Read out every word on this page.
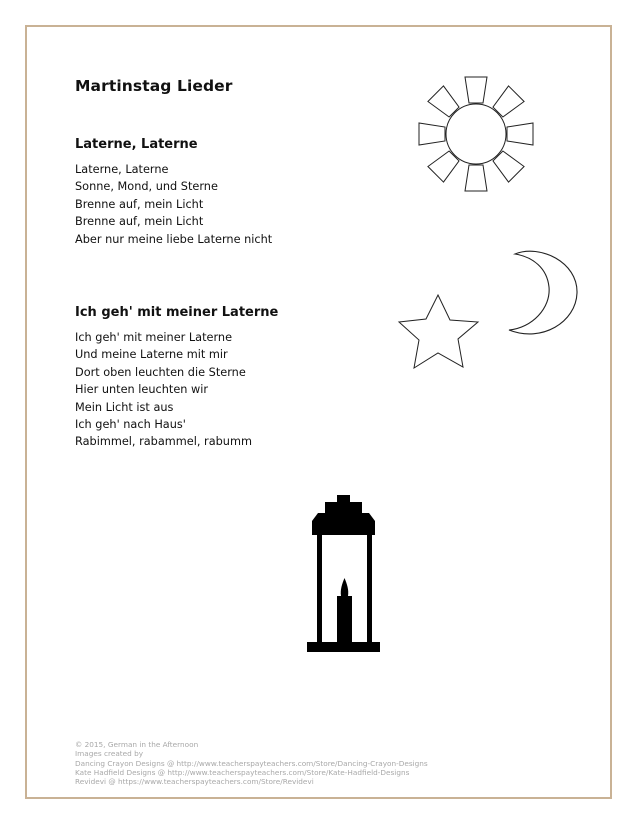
Martinstag Lieder
Laterne, Laterne
Laterne, Laterne
Sonne, Mond, und Sterne
Brenne auf, mein Licht
Brenne auf, mein Licht
Aber nur meine liebe Laterne nicht
Ich geh' mit meiner Laterne
Ich geh' mit meiner Laterne
Und meine Laterne mit mir
Dort oben leuchten die Sterne
Hier unten leuchten wir
Mein Licht ist aus
Ich geh' nach Haus'
Rabimmel, rabammel, rabumm
© 2015, German in the Afternoon
Images created by
Dancing Crayon Designs @ http://www.teacherspayteachers.com/Store/Dancing-Crayon-Designs
Kate Hadfield Designs @ http://www.teacherspayteachers.com/Store/Kate-Hadfield-Designs
Revidevi @ https://www.teacherspayteachers.com/Store/Revidevi
